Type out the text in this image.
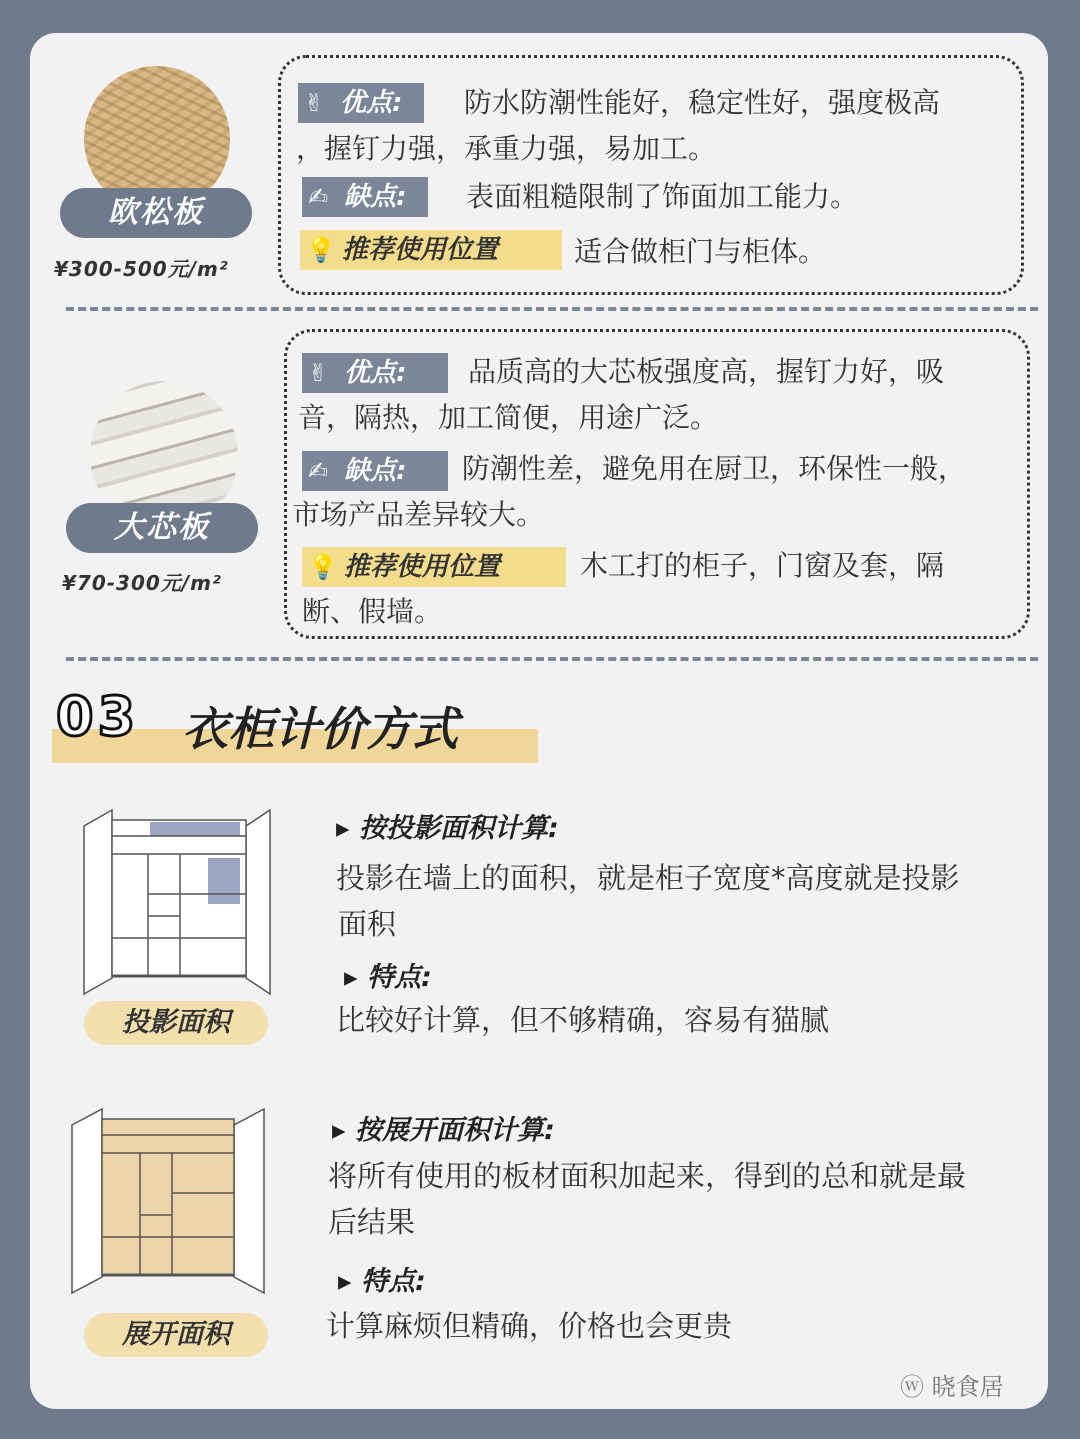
欧松板
¥300-500元/m²
✌ 优点:	防水防潮性能好，稳定性好，强度极高
，握钉力强，承重力强，易加工。
✍ 缺点:	表面粗糙限制了饰面加工能力。
💡 推荐使用位置	适合做柜门与柜体。
大芯板
¥70-300元/m²
✌ 优点:	品质高的大芯板强度高，握钉力好，吸
音，隔热，加工简便，用途广泛。
✍ 缺点:	防潮性差，避免用在厨卫，环保性一般，
市场产品差异较大。
💡 推荐使用位置	木工打的柜子，门窗及套，隔
断、假墙。
03 衣柜计价方式
投影面积
▸ 按投影面积计算:
投影在墙上的面积，就是柜子宽度*高度就是投影
面积
▸ 特点:
比较好计算，但不够精确，容易有猫腻
展开面积
▸ 按展开面积计算:
将所有使用的板材面积加起来，得到的总和就是最
后结果
▸ 特点:
计算麻烦但精确，价格也会更贵
ⓦ 晓食居
